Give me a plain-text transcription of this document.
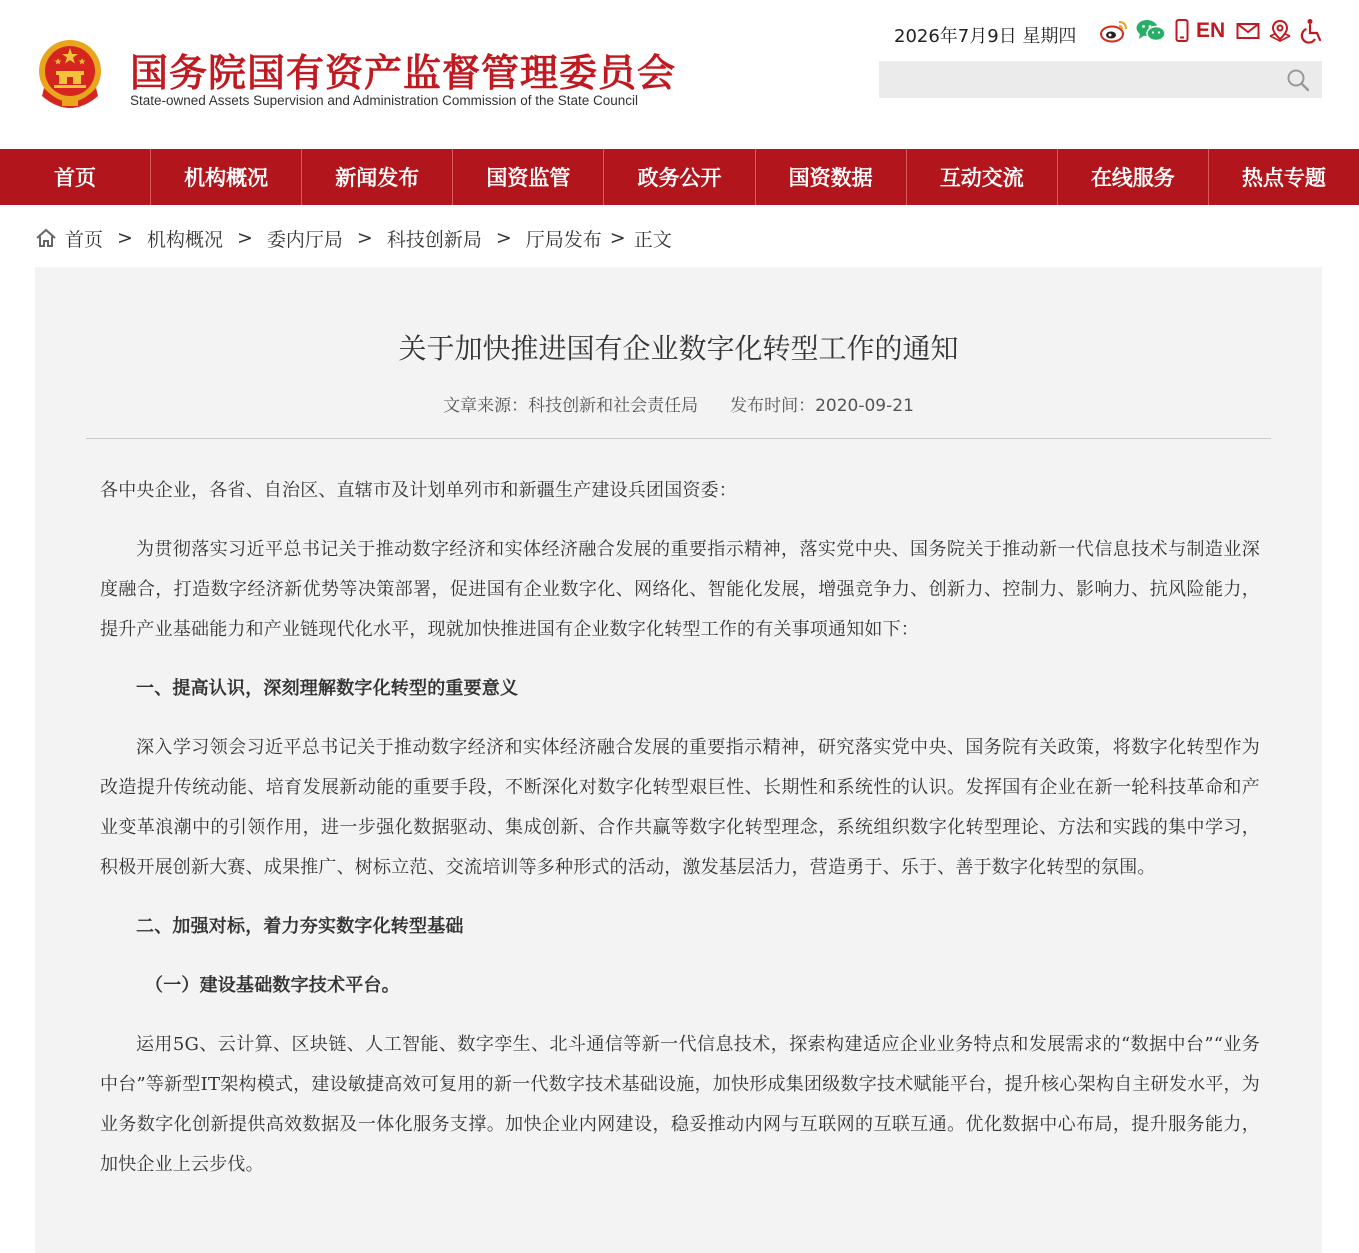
国务院国有资产监督管理委员会
State-owned Assets Supervision and Administration Commission of the State Council
2026年7月9日 星期四	EN
首页	机构概况	新闻发布	国资监管	政务公开	国资数据	互动交流	在线服务	热点专题
首页 > 机构概况 > 委内厅局 > 科技创新局 > 厅局发布 > 正文
关于加快推进国有企业数字化转型工作的通知
文章来源：科技创新和社会责任局 发布时间：2020-09-21

各中央企业，各省、自治区、直辖市及计划单列市和新疆生产建设兵团国资委：

为贯彻落实习近平总书记关于推动数字经济和实体经济融合发展的重要指示精神，落实党中央、国务院关于推动新一代信息技术与制造业深度融合，打造数字经济新优势等决策部署，促进国有企业数字化、网络化、智能化发展，增强竞争力、创新力、控制力、影响力、抗风险能力，提升产业基础能力和产业链现代化水平，现就加快推进国有企业数字化转型工作的有关事项通知如下：

一、提高认识，深刻理解数字化转型的重要意义

深入学习领会习近平总书记关于推动数字经济和实体经济融合发展的重要指示精神，研究落实党中央、国务院有关政策，将数字化转型作为改造提升传统动能、培育发展新动能的重要手段，不断深化对数字化转型艰巨性、长期性和系统性的认识。发挥国有企业在新一轮科技革命和产业变革浪潮中的引领作用，进一步强化数据驱动、集成创新、合作共赢等数字化转型理念，系统组织数字化转型理论、方法和实践的集中学习，积极开展创新大赛、成果推广、树标立范、交流培训等多种形式的活动，激发基层活力，营造勇于、乐于、善于数字化转型的氛围。

二、加强对标，着力夯实数字化转型基础

（一）建设基础数字技术平台。

运用5G、云计算、区块链、人工智能、数字孪生、北斗通信等新一代信息技术，探索构建适应企业业务特点和发展需求的“数据中台”“业务中台”等新型IT架构模式，建设敏捷高效可复用的新一代数字技术基础设施，加快形成集团级数字技术赋能平台，提升核心架构自主研发水平，为业务数字化创新提供高效数据及一体化服务支撑。加快企业内网建设，稳妥推动内网与互联网的互联互通。优化数据中心布局，提升服务能力，加快企业上云步伐。
